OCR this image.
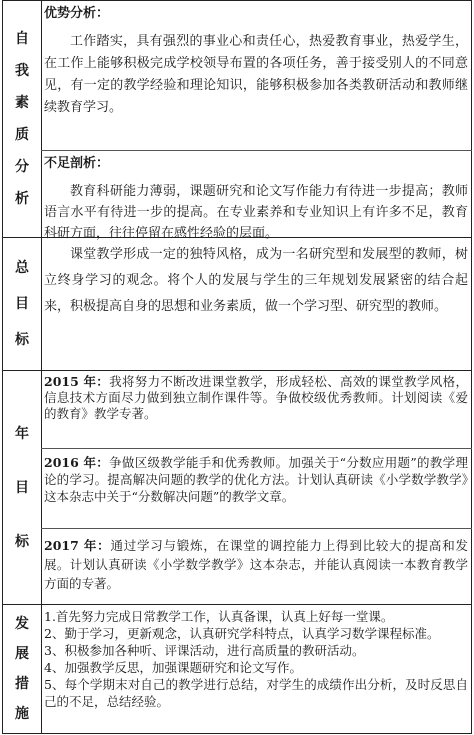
自
我
素
质
分
析
优势分析：
工作踏实，具有强烈的事业心和责任心，热爱教育事业，热爱学生，在工作上能够积极完成学校领导布置的各项任务，善于接受别人的不同意见，有一定的教学经验和理论知识，能够积极参加各类教研活动和教师继续教育学习。
不足剖析：
教育科研能力薄弱，课题研究和论文写作能力有待进一步提高；教师语言水平有待进一步的提高。在专业素养和专业知识上有许多不足，教育科研方面，往往停留在感性经验的层面。
总
目
标
课堂教学形成一定的独特风格，成为一名研究型和发展型的教师，树立终身学习的观念。将个人的发展与学生的三年规划发展紧密的结合起来，积极提高自身的思想和业务素质，做一个学习型、研究型的教师。
年
目
标
2015 年：我将努力不断改进课堂教学，形成轻松、高效的课堂教学风格，信息技术方面尽力做到独立制作课件等。争做校级优秀教师。计划阅读《爱的教育》教学专著。
2016 年：争做区级教学能手和优秀教师。加强关于“分数应用题”的教学理论的学习。提高解决问题的教学的优化方法。计划认真研读《小学数学教学》这本杂志中关于“分数解决问题”的教学文章。
2017 年：通过学习与锻炼，在课堂的调控能力上得到比较大的提高和发展。计划认真研读《小学数学教学》这本杂志，并能认真阅读一本教育教学方面的专著。
发
展
措
施
1.首先努力完成日常教学工作，认真备课，认真上好每一堂课。
2、勤于学习，更新观念，认真研究学科特点，认真学习数学课程标准。
3、积极参加各种听、评课活动，进行高质量的教研活动。
4、加强教学反思，加强课题研究和论文写作。
5、每个学期末对自己的教学进行总结，对学生的成绩作出分析，及时反思自己的不足，总结经验。
